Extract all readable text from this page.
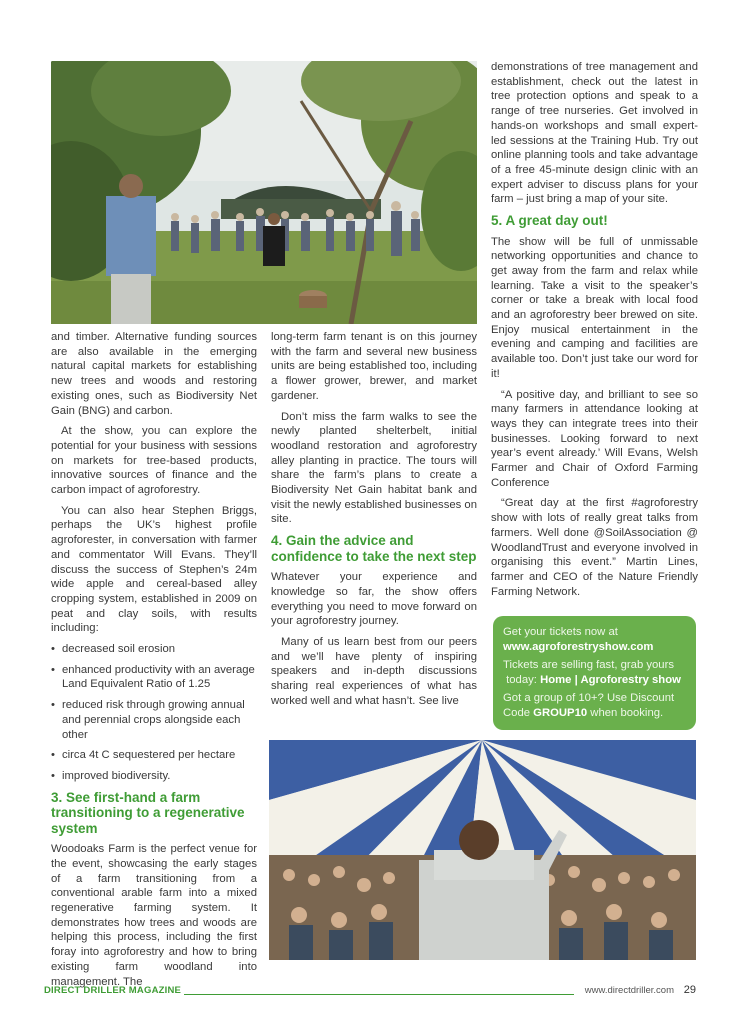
and timber. Alternative funding sources are also available in the emerging natural capital markets for establishing new trees and woods and restoring existing ones, such as Biodiversity Net Gain (BNG) and carbon.

At the show, you can explore the potential for your business with sessions on markets for tree-based products, innovative sources of finance and the carbon impact of agroforestry.

You can also hear Stephen Briggs, perhaps the UK’s highest profile agroforester, in conversation with farmer and commentator Will Evans. They’ll discuss the success of Stephen’s 24m wide apple and cereal-based alley cropping system, established in 2009 on peat and clay soils, with results including:

• decreased soil erosion
• enhanced productivity with an average Land Equivalent Ratio of 1.25
• reduced risk through growing annual and perennial crops alongside each other
• circa 4t C sequestered per hectare
• improved biodiversity.
3. See first-hand a farm transitioning to a regenerative system

Woodoaks Farm is the perfect venue for the event, showcasing the early stages of a farm transitioning from a conventional arable farm into a mixed regenerative farming system. It demonstrates how trees and woods are helping this process, including the first foray into agroforestry and how to bring existing farm woodland into management. The

long-term farm tenant is on this journey with the farm and several new business units are being established too, including a flower grower, brewer, and market gardener.

Don’t miss the farm walks to see the newly planted shelterbelt, initial woodland restoration and agroforestry alley planting in practice. The tours will share the farm’s plans to create a Biodiversity Net Gain habitat bank and visit the newly established businesses on site.

4. Gain the advice and confidence to take the next step

Whatever your experience and knowledge so far, the show offers everything you need to move forward on your agroforestry journey.

Many of us learn best from our peers and we’ll have plenty of inspiring speakers and in-depth discussions sharing real experiences of what has worked well and what hasn’t. See live

demonstrations of tree management and establishment, check out the latest in tree protection options and speak to a range of tree nurseries. Get involved in hands-on workshops and small expert-led sessions at the Training Hub. Try out online planning tools and take advantage of a free 45-minute design clinic with an expert adviser to discuss plans for your farm – just bring a map of your site.

5. A great day out!

The show will be full of unmissable networking opportunities and chance to get away from the farm and relax while learning. Take a visit to the speaker’s corner or take a break with local food and an agroforestry beer brewed on site. Enjoy musical entertainment in the evening and camping and facilities are available too. Don’t just take our word for it!

“A positive day, and brilliant to see so many farmers in attendance looking at ways they can integrate trees into their businesses. Looking forward to next year’s event already.’ Will Evans, Welsh Farmer and Chair of Oxford Farming Conference

“Great day at the first #agroforestry show with lots of really great talks from farmers. Well done @SoilAssociation @ WoodlandTrust and everyone involved in organising this event.” Martin Lines, farmer and CEO of the Nature Friendly Farming Network.

Get your tickets now at
www.agroforestryshow.com
Tickets are selling fast, grab yours
today: Home | Agroforestry show
Got a group of 10+? Use Discount
Code GROUP10 when booking.
DIRECT DRILLER MAGAZINE	www.directdriller.com 29
